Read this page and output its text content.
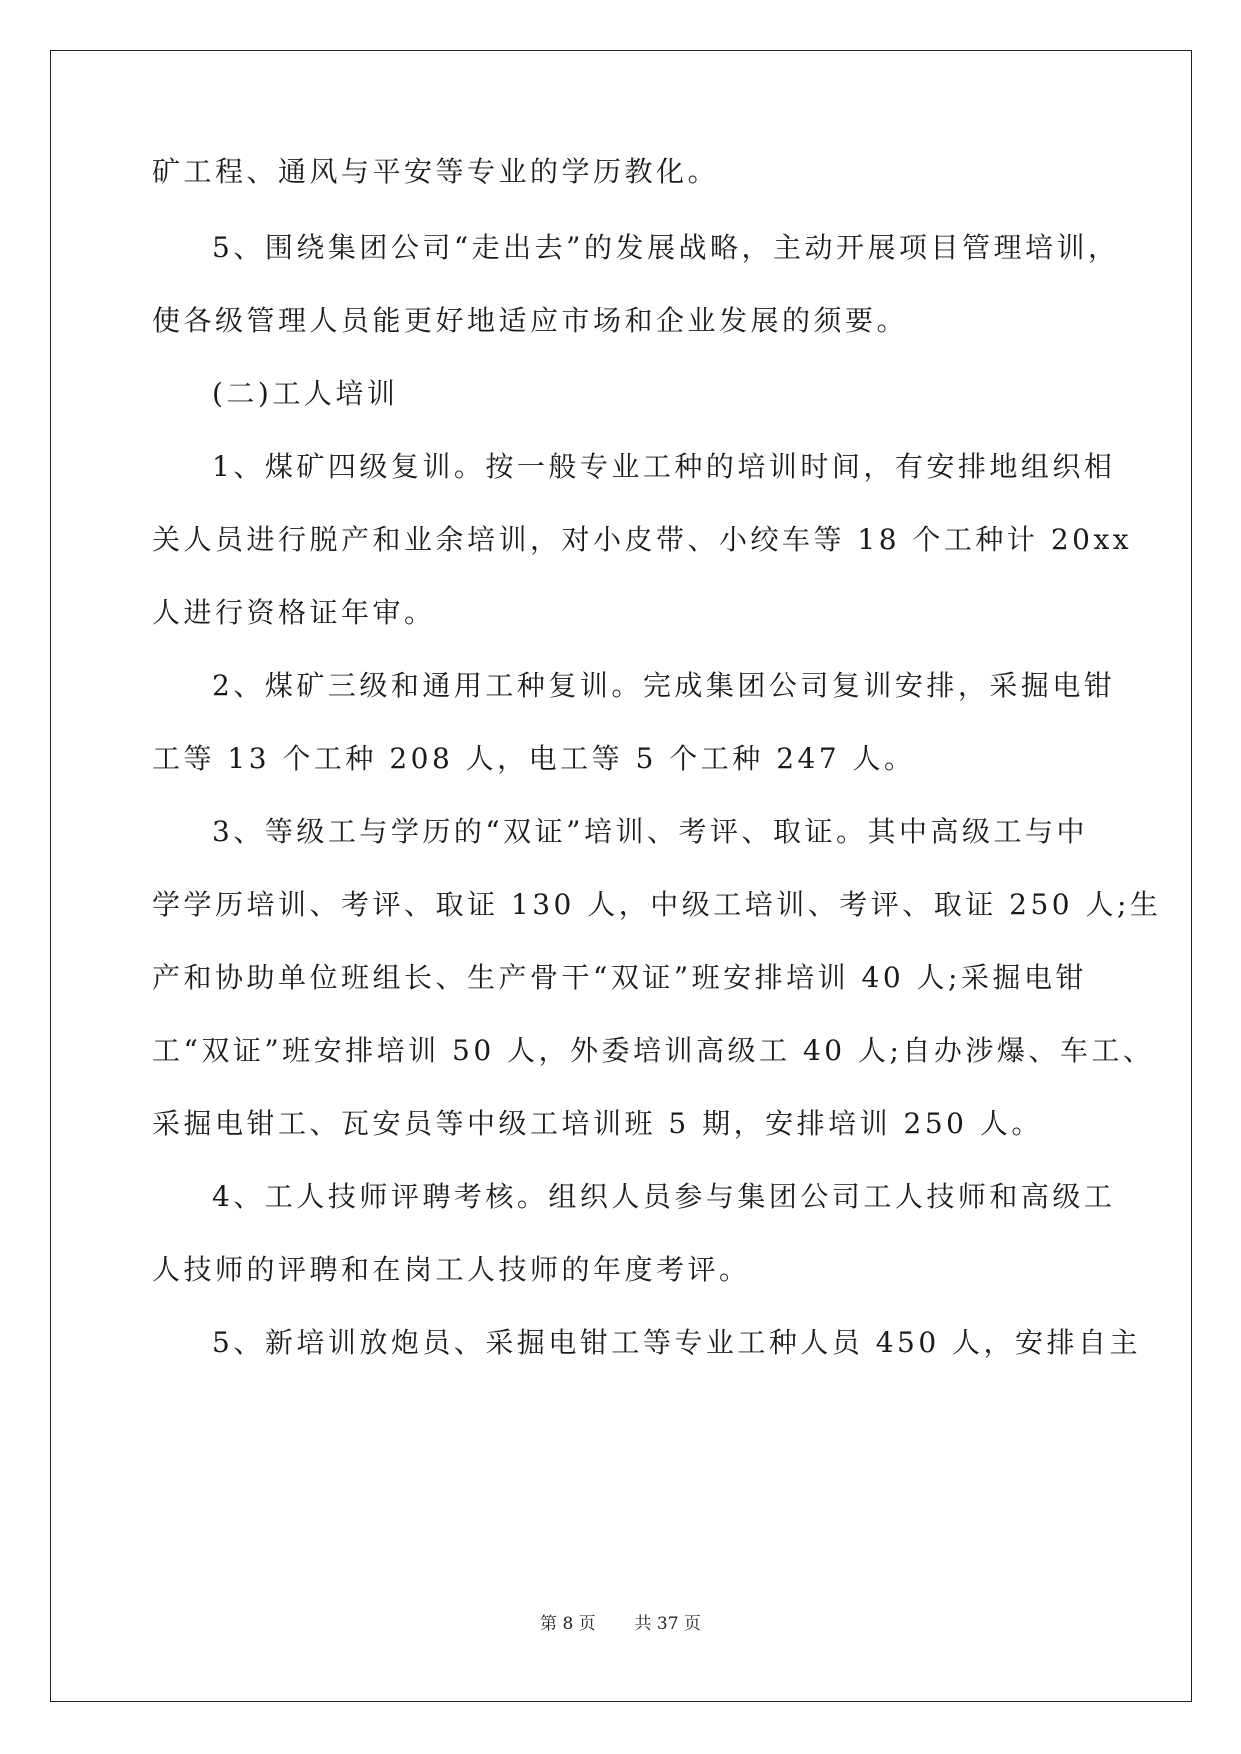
矿工程、通风与平安等专业的学历教化。
5、围绕集团公司“走出去”的发展战略，主动开展项目管理培训，
使各级管理人员能更好地适应市场和企业发展的须要。
(二)工人培训
1、煤矿四级复训。按一般专业工种的培训时间，有安排地组织相
关人员进行脱产和业余培训，对小皮带、小绞车等 18 个工种计 20xx
人进行资格证年审。
2、煤矿三级和通用工种复训。完成集团公司复训安排，采掘电钳
工等 13 个工种 208 人，电工等 5 个工种 247 人。
3、等级工与学历的“双证”培训、考评、取证。其中高级工与中
学学历培训、考评、取证 130 人，中级工培训、考评、取证 250 人;生
产和协助单位班组长、生产骨干“双证”班安排培训 40 人;采掘电钳
工“双证”班安排培训 50 人，外委培训高级工 40 人;自办涉爆、车工、
采掘电钳工、瓦安员等中级工培训班 5 期，安排培训 250 人。
4、工人技师评聘考核。组织人员参与集团公司工人技师和高级工
人技师的评聘和在岗工人技师的年度考评。
5、新培训放炮员、采掘电钳工等专业工种人员 450 人，安排自主
第 8 页 共 37 页
